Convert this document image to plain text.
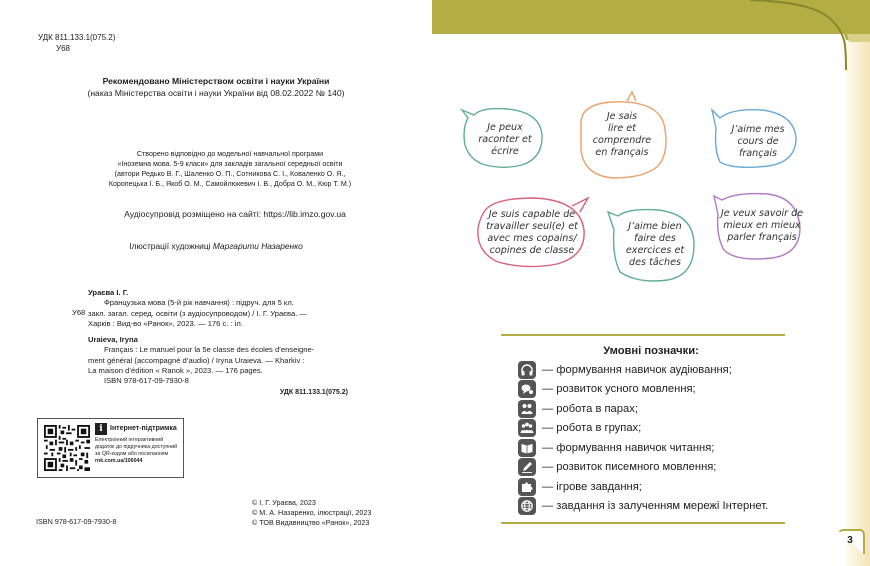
УДК 811.133.1(075.2)
У68
Рекомендовано Міністерством освіти і науки України
(наказ Міністерства освіти і науки України від 08.02.2022 № 140)
Створено відповідно до модельної навчальної програми
«Іноземна мова. 5-9 класи» для закладів загальної середньої освіти
(автори Редько В. Г., Шаленко О. П., Сотникова С. І., Коваленко О. Я.,
Коропецька І. Б., Якоб О. М., Самойлюкевич І. В., Добра О. М., Кюр Т. М.)
Аудіосупровід розміщено на сайті: https://lib.imzo.gov.ua
Ілюстрації художниці Маргарити Назаренко
Урaєва І. Г.
У68
Французька мова (5-й рік навчання) : підруч. для 5 кл.
закл. загал. серед. освіти (з аудіосупроводом) / І. Г. Урaєва. —
Харків : Вид-во «Ранок», 2023. — 176 с. : іл.
Uraieva, Iryna
Français : Le manuel pour la 5e classe des écoles d’enseigne-
ment général (accompagné d’audio) / Iryna Uraieva. — Kharkiv :
La maison d’édition « Ranok », 2023. — 176 pages.
ISBN 978-617-09-7930-8
УДК 811.133.1(075.2)
i	Інтернет-підтримка
Електронний інтерактивний
додаток до підручника доступний
за QR-кодом або посиланням
rnk.com.ua/106044
ISBN 978-617-09-7930-8
© І. Г. Урaєва, 2023
© М. А. Назаренко, ілюстрації, 2023
© ТОВ Видавництво «Ранок», 2023
Je peux
raconter et
écrire
Je sais
lire et
comprendre
en français
J’aime mes
cours de
français
Je suis capable de
travailler seul(e) et
avec mes copains/
copines de classe
J’aime bien
faire des
exercices et
des tâches
Je veux savoir de
mieux en mieux
parler français
Умовні позначки:
— формування навичок аудіювання;
— розвиток усного мовлення;
— робота в парах;
— робота в групах;
— формування навичок читання;
— розвиток писемного мовлення;
— ігрове завдання;
— завдання із залученням мережі Інтернет.
3
